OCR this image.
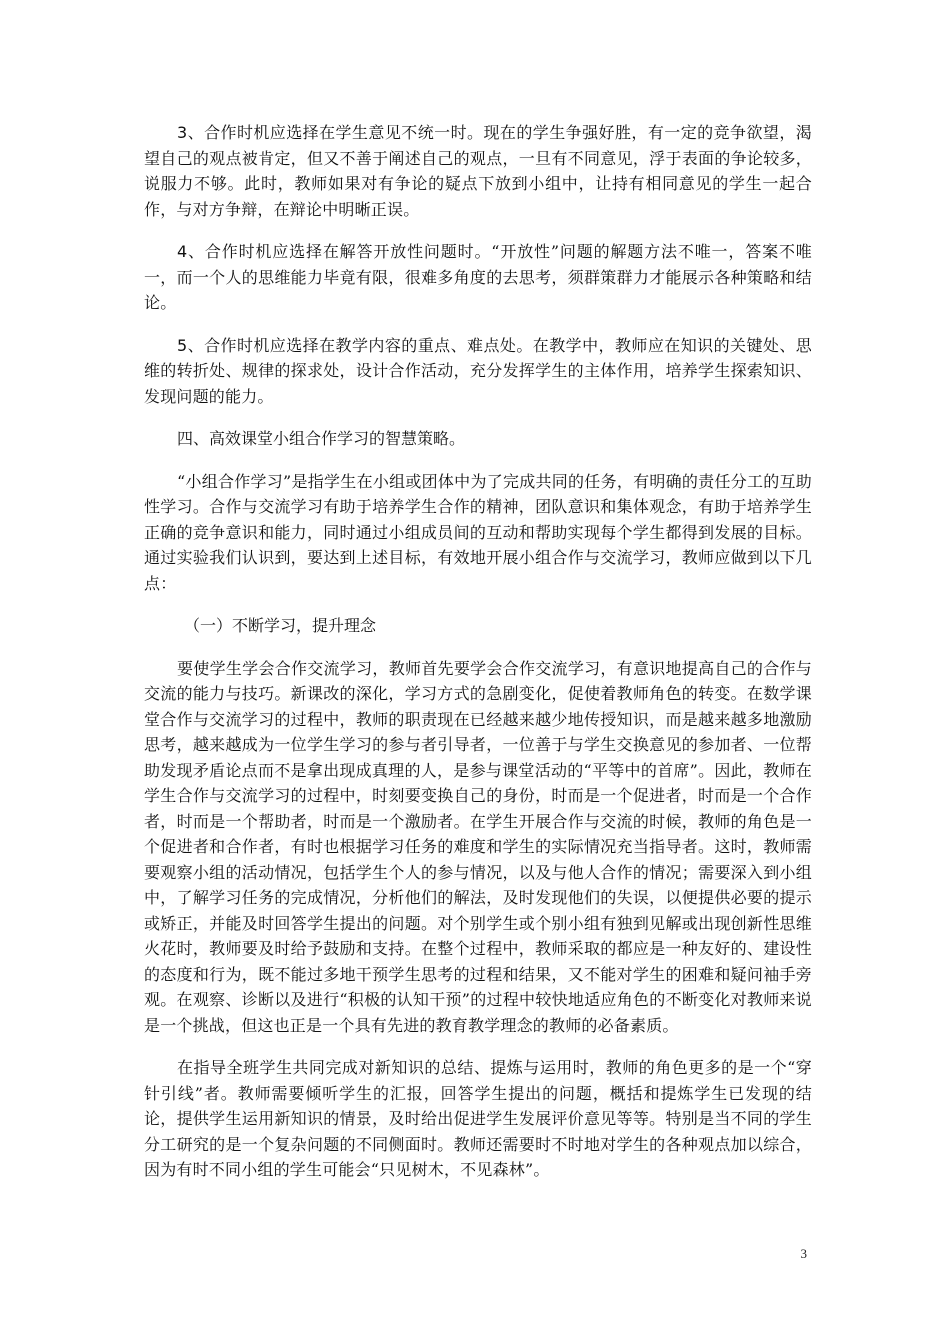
3、合作时机应选择在学生意见不统一时。现在的学生争强好胜，有一定的竞争欲望，渴望自己的观点被肯定，但又不善于阐述自己的观点，一旦有不同意见，浮于表面的争论较多，说服力不够。此时，教师如果对有争论的疑点下放到小组中，让持有相同意见的学生一起合作，与对方争辩，在辩论中明晰正误。

4、合作时机应选择在解答开放性问题时。“开放性”问题的解题方法不唯一，答案不唯一，而一个人的思维能力毕竟有限，很难多角度的去思考，须群策群力才能展示各种策略和结论。

5、合作时机应选择在教学内容的重点、难点处。在教学中，教师应在知识的关键处、思维的转折处、规律的探求处，设计合作活动，充分发挥学生的主体作用，培养学生探索知识、发现问题的能力。

四、高效课堂小组合作学习的智慧策略。

“小组合作学习”是指学生在小组或团体中为了完成共同的任务，有明确的责任分工的互助性学习。合作与交流学习有助于培养学生合作的精神，团队意识和集体观念，有助于培养学生正确的竞争意识和能力，同时通过小组成员间的互动和帮助实现每个学生都得到发展的目标。通过实验我们认识到，要达到上述目标，有效地开展小组合作与交流学习，教师应做到以下几点：

（一）不断学习，提升理念

要使学生学会合作交流学习，教师首先要学会合作交流学习，有意识地提高自己的合作与交流的能力与技巧。新课改的深化，学习方式的急剧变化，促使着教师角色的转变。在数学课堂合作与交流学习的过程中，教师的职责现在已经越来越少地传授知识，而是越来越多地激励思考，越来越成为一位学生学习的参与者引导者，一位善于与学生交换意见的参加者、一位帮助发现矛盾论点而不是拿出现成真理的人，是参与课堂活动的“平等中的首席”。因此，教师在学生合作与交流学习的过程中，时刻要变换自己的身份，时而是一个促进者，时而是一个合作者，时而是一个帮助者，时而是一个激励者。在学生开展合作与交流的时候，教师的角色是一个促进者和合作者，有时也根据学习任务的难度和学生的实际情况充当指导者。这时，教师需要观察小组的活动情况，包括学生个人的参与情况，以及与他人合作的情况；需要深入到小组中，了解学习任务的完成情况，分析他们的解法，及时发现他们的失误，以便提供必要的提示或矫正，并能及时回答学生提出的问题。对个别学生或个别小组有独到见解或出现创新性思维火花时，教师要及时给予鼓励和支持。在整个过程中，教师采取的都应是一种友好的、建设性的态度和行为，既不能过多地干预学生思考的过程和结果，又不能对学生的困难和疑问袖手旁观。在观察、诊断以及进行“积极的认知干预”的过程中较快地适应角色的不断变化对教师来说是一个挑战，但这也正是一个具有先进的教育教学理念的教师的必备素质。

在指导全班学生共同完成对新知识的总结、提炼与运用时，教师的角色更多的是一个“穿针引线”者。教师需要倾听学生的汇报，回答学生提出的问题，概括和提炼学生已发现的结论，提供学生运用新知识的情景，及时给出促进学生发展评价意见等等。特别是当不同的学生分工研究的是一个复杂问题的不同侧面时。教师还需要时不时地对学生的各种观点加以综合，因为有时不同小组的学生可能会“只见树木，不见森林”。

3
